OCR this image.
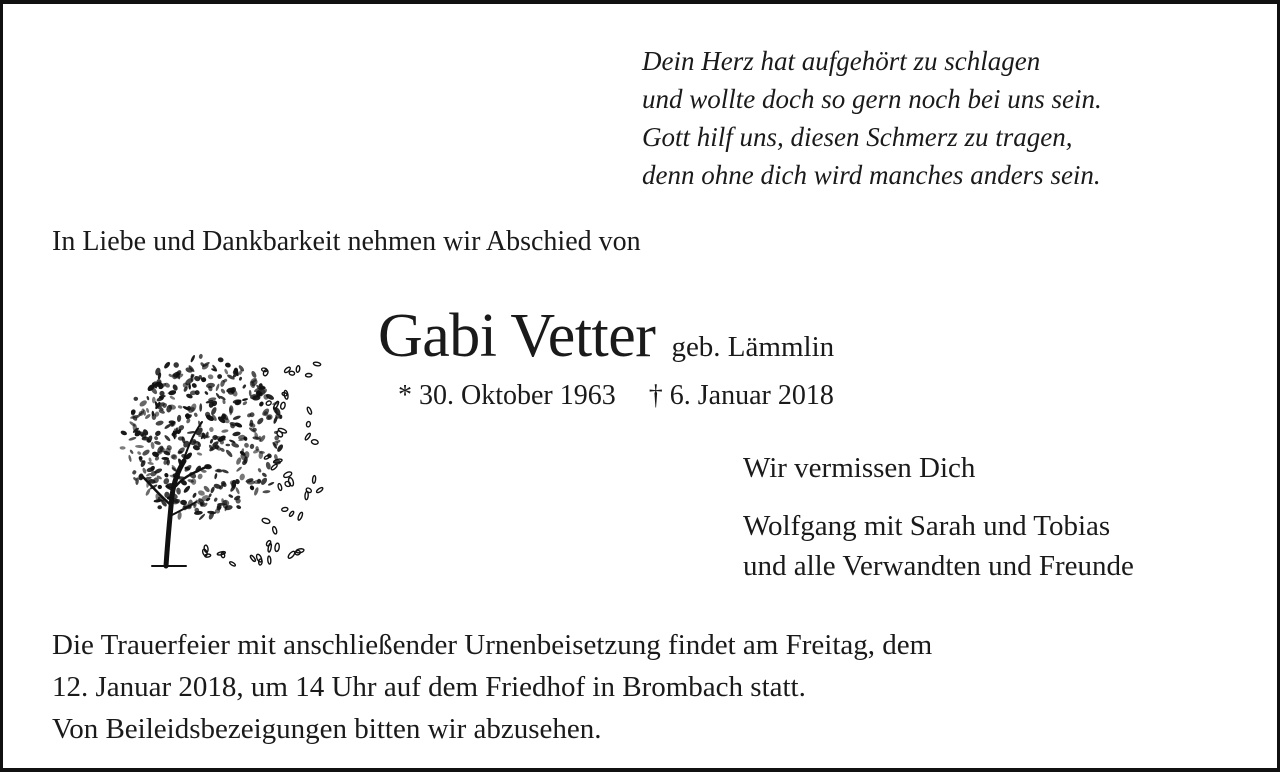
Dein Herz hat aufgehört zu schlagen
und wollte doch so gern noch bei uns sein.
Gott hilf uns, diesen Schmerz zu tragen,
denn ohne dich wird manches anders sein.
In Liebe und Dankbarkeit nehmen wir Abschied von
Gabi Vetter geb. Lämmlin
* 30. Oktober 1963 † 6. Januar 2018
Wir vermissen Dich
Wolfgang mit Sarah und Tobias
und alle Verwandten und Freunde
Die Trauerfeier mit anschließender Urnenbeisetzung findet am Freitag, dem
12. Januar 2018, um 14 Uhr auf dem Friedhof in Brombach statt.
Von Beileidsbezeigungen bitten wir abzusehen.
